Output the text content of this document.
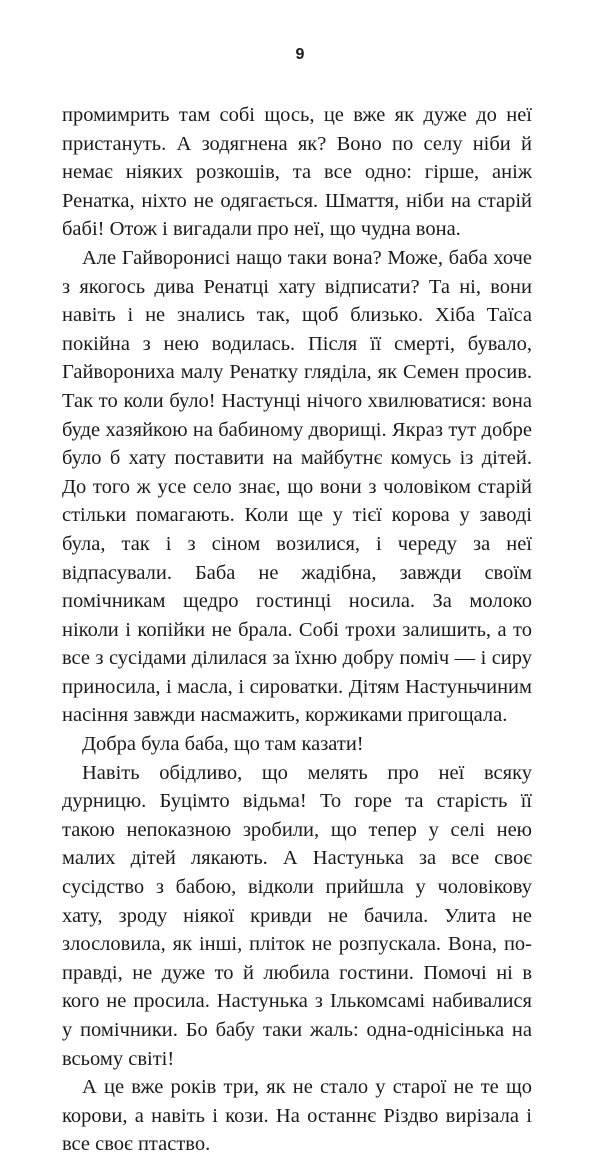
9

промимрить там собі щось, це вже як дуже до неї пристануть. А зодягнена як? Воно по селу ніби й немає ніяких розкошів, та все одно: гірше, аніж Ренатка, ніхто не одягається. Шмаття, ніби на старій бабі! Отож і вигадали про неї, що чудна вона.

Але Гайворонисі нащо таки вона? Може, баба хоче з якогось дива Ренатці хату відписати? Та ні, вони навіть і не знались так, щоб близько. Хіба Таїса покійна з нею водилась. Після її смерті, бувало, Гайворониха малу Ренатку гляділа, як Семен просив. Так то коли було! Настунці нічого хвилюватися: вона буде хазяйкою на бабиному дворищі. Якраз тут добре було б хату поставити на майбутнє комусь із дітей. До того ж усе село знає, що вони з чоловіком старій стільки помагають. Коли ще у тієї корова у заводі була, так і з сіном возилися, і череду за неї відпасували. Баба не жадібна, завжди своїм помічникам щедро гостинці носила. За молоко ніколи і копійки не брала. Собі трохи залишить, а то все з сусідами ділилася за їхню добру поміч — і сиру приносила, і масла, і сироватки. Дітям Настуньчиним насіння завжди насмажить, коржиками пригощала.

Добра була баба, що там казати!

Навіть обідливо, що мелять про неї всяку дурницю. Буцімто відьма! То горе та старість її такою непоказною зробили, що тепер у селі нею малих дітей лякають. А Настунька за все своє сусідство з бабою, відколи прийшла у чоловікову хату, зроду ніякої кривди не бачила. Улита не злословила, як інші, пліток не розпускала. Вона, по-правді, не дуже то й любила гостини. Помочі ні в кого не просила. Настунька з Ількомсамі набивалися у помічники. Бо бабу таки жаль: одна-однісінька на всьому світі!

А це вже років три, як не стало у старої не те що корови, а навіть і кози. На останнє Різдво вирізала і все своє птаство.
